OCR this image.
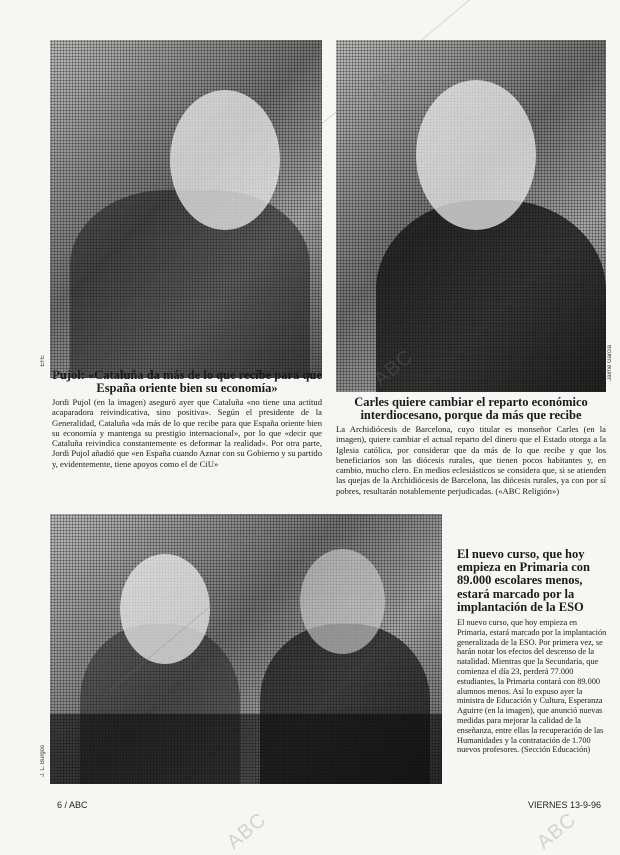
EFE	Jaime García
Pujol: «Cataluña da más de lo que recibe para que España oriente bien su economía»

Jordi Pujol (en la imagen) aseguró ayer que Cataluña «no tiene una actitud acaparadora reivindicativa, sino positiva». Según el presidente de la Generalidad, Cataluña «da más de lo que recibe para que España oriente bien su economía y mantenga su prestigio internacional», por lo que «decir que Cataluña reivindica constantemente es deformar la realidad». Por otra parte, Jordi Pujol añadió que «en España cuando Aznar con su Gobierno y su partido y, evidentemente, tiene apoyos como el de CiU»

Carles quiere cambiar el reparto económico interdiocesano, porque da más que recibe

La Archidiócesis de Barcelona, cuyo titular es monseñor Carles (en la imagen), quiere cambiar el actual reparto del dinero que el Estado otorga a la Iglesia católica, por considerar que da más de lo que recibe y que los beneficiarios son las diócesis rurales, que tienen pocos habitantes y, en cambio, mucho clero. En medios eclesiásticos se considera que, si se atienden las quejas de la Archidiócesis de Barcelona, las diócesis rurales, ya con por sí pobres, resultarán notablemente perjudicadas. («ABC Religión»)

J. L. Burgos
El nuevo curso, que hoy empieza en Primaria con 89.000 escolares menos, estará marcado por la implantación de la ESO

El nuevo curso, que hoy empieza en Primaria, estará marcado por la implantación generalizada de la ESO. Por primera vez, se harán notar los efectos del descenso de la natalidad. Mientras que la Secundaria, que comienza el día 23, perderá 77.000 estudiantes, la Primaria contará con 89.000 alumnos menos. Así lo expuso ayer la ministra de Educación y Cultura, Esperanza Aguirre (en la imagen), que anunció nuevas medidas para mejorar la calidad de la enseñanza, entre ellas la recuperación de las Humanidades y la contratación de 1.700 nuevos profesores. (Sección Educación)

ABC
ABC
ABC
ABC	ABC
6 / ABC	VIERNES 13-9-96
